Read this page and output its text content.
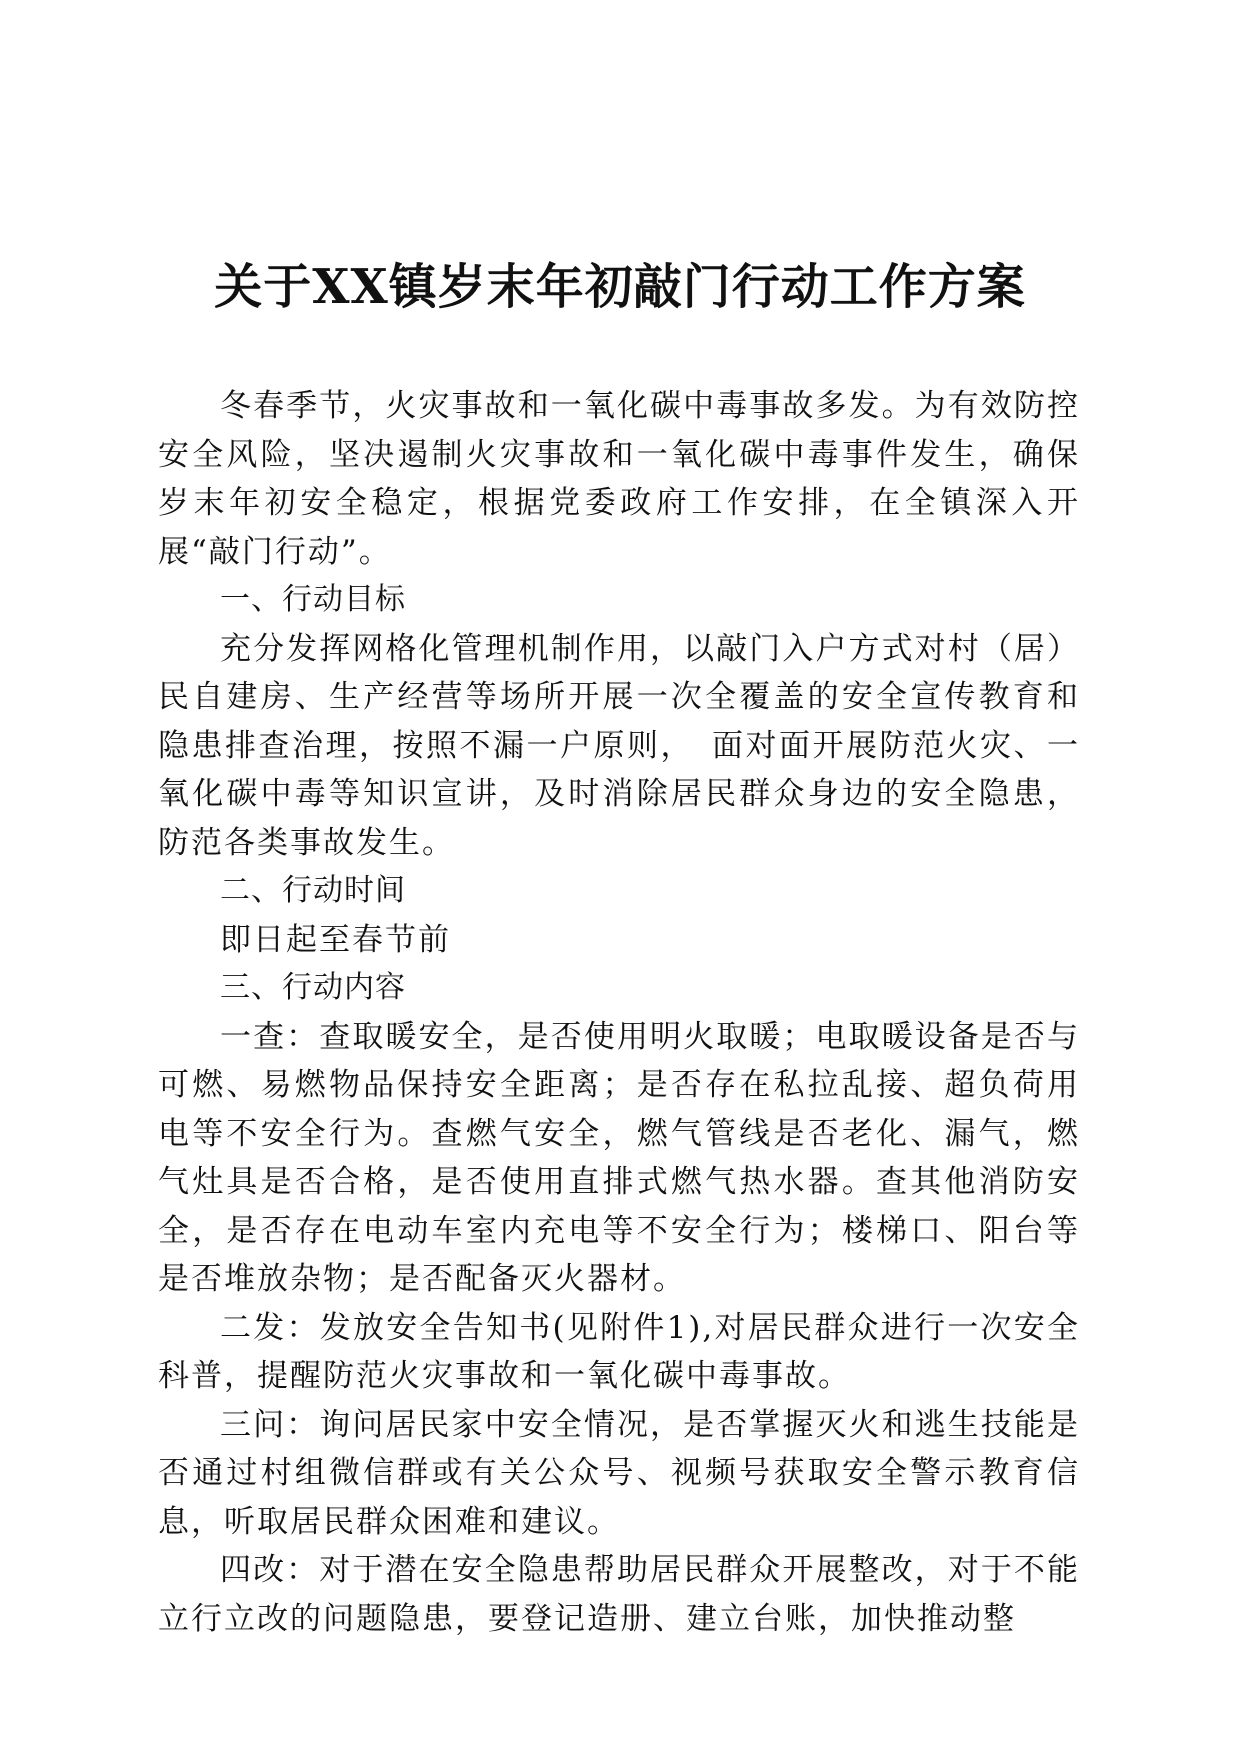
关于XX镇岁末年初敲门行动工作方案

冬春季节，火灾事故和一氧化碳中毒事故多发。为有效防控安全风险，坚决遏制火灾事故和一氧化碳中毒事件发生，确保岁末年初安全稳定，根据党委政府工作安排，在全镇深入开展“敲门行动”。

一、行动目标

充分发挥网格化管理机制作用，以敲门入户方式对村（居）民自建房、生产经营等场所开展一次全覆盖的安全宣传教育和隐患排查治理，按照不漏一户原则，　面对面开展防范火灾、一氧化碳中毒等知识宣讲，及时消除居民群众身边的安全隐患，防范各类事故发生。

二、行动时间

即日起至春节前

三、行动内容

一查：查取暖安全，是否使用明火取暖；电取暖设备是否与可燃、易燃物品保持安全距离；是否存在私拉乱接、超负荷用电等不安全行为。查燃气安全，燃气管线是否老化、漏气，燃气灶具是否合格，是否使用直排式燃气热水器。查其他消防安全，是否存在电动车室内充电等不安全行为；楼梯口、阳台等是否堆放杂物；是否配备灭火器材。

二发：发放安全告知书(见附件1),对居民群众进行一次安全科普，提醒防范火灾事故和一氧化碳中毒事故。

三问：询问居民家中安全情况，是否掌握灭火和逃生技能是否通过村组微信群或有关公众号、视频号获取安全警示教育信息，听取居民群众困难和建议。

四改：对于潜在安全隐患帮助居民群众开展整改，对于不能立行立改的问题隐患，要登记造册、建立台账，加快推动整
